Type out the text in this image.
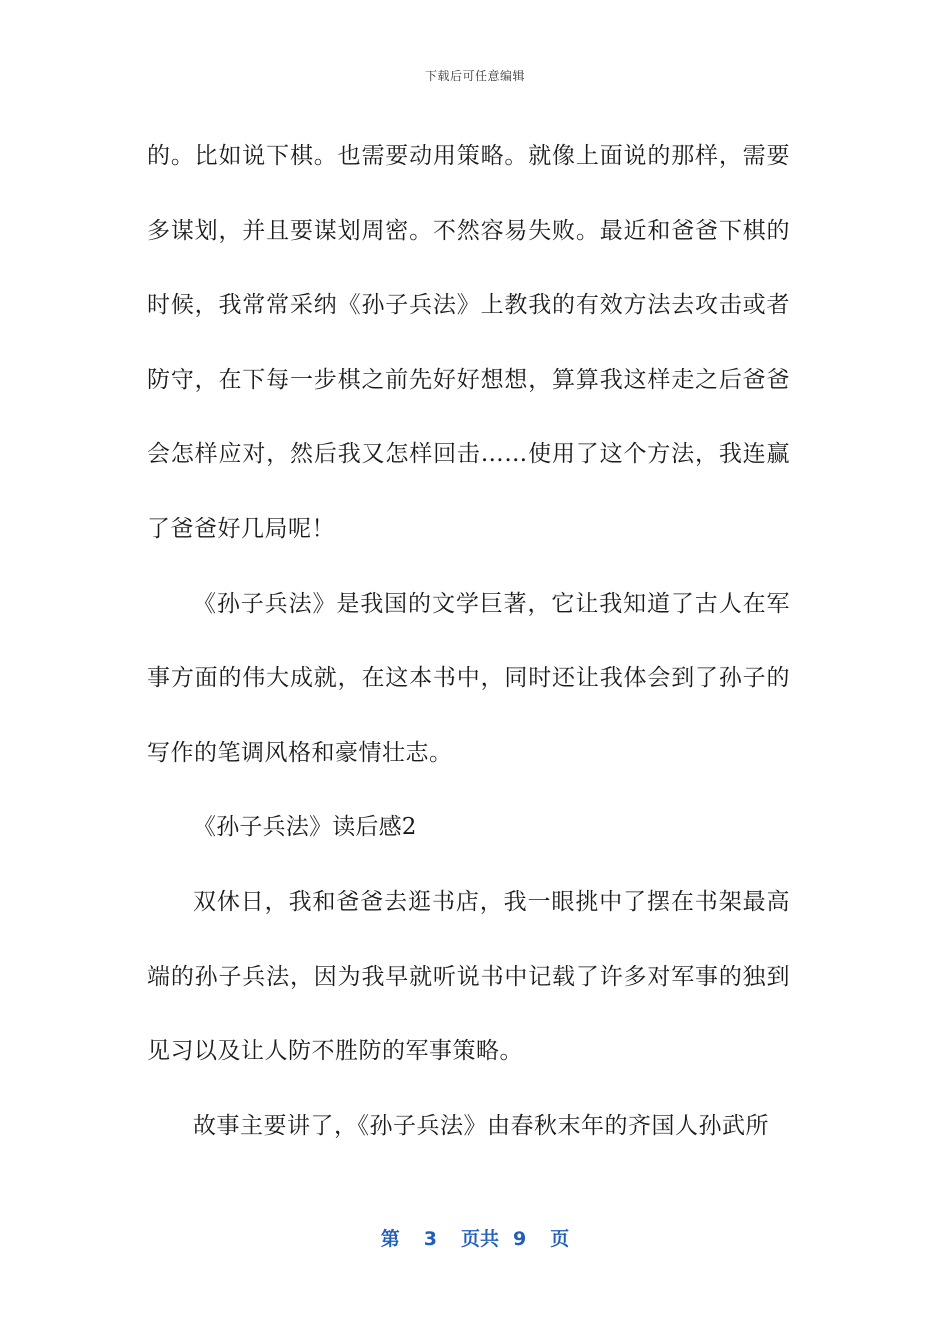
下载后可任意编辑

的。比如说下棋。也需要动用策略。就像上面说的那样，需要多谋划，并且要谋划周密。不然容易失败。最近和爸爸下棋的时候，我常常采纳《孙子兵法》上教我的有效方法去攻击或者防守，在下每一步棋之前先好好想想，算算我这样走之后爸爸会怎样应对，然后我又怎样回击……使用了这个方法，我连赢了爸爸好几局呢！

《孙子兵法》是我国的文学巨著，它让我知道了古人在军事方面的伟大成就，在这本书中，同时还让我体会到了孙子的写作的笔调风格和豪情壮志。

《孙子兵法》读后感2

双休日，我和爸爸去逛书店，我一眼挑中了摆在书架最高端的孙子兵法，因为我早就听说书中记载了许多对军事的独到见习以及让人防不胜防的军事策略。

故事主要讲了，《孙子兵法》由春秋末年的齐国人孙武所

第 3 页共 9 页
